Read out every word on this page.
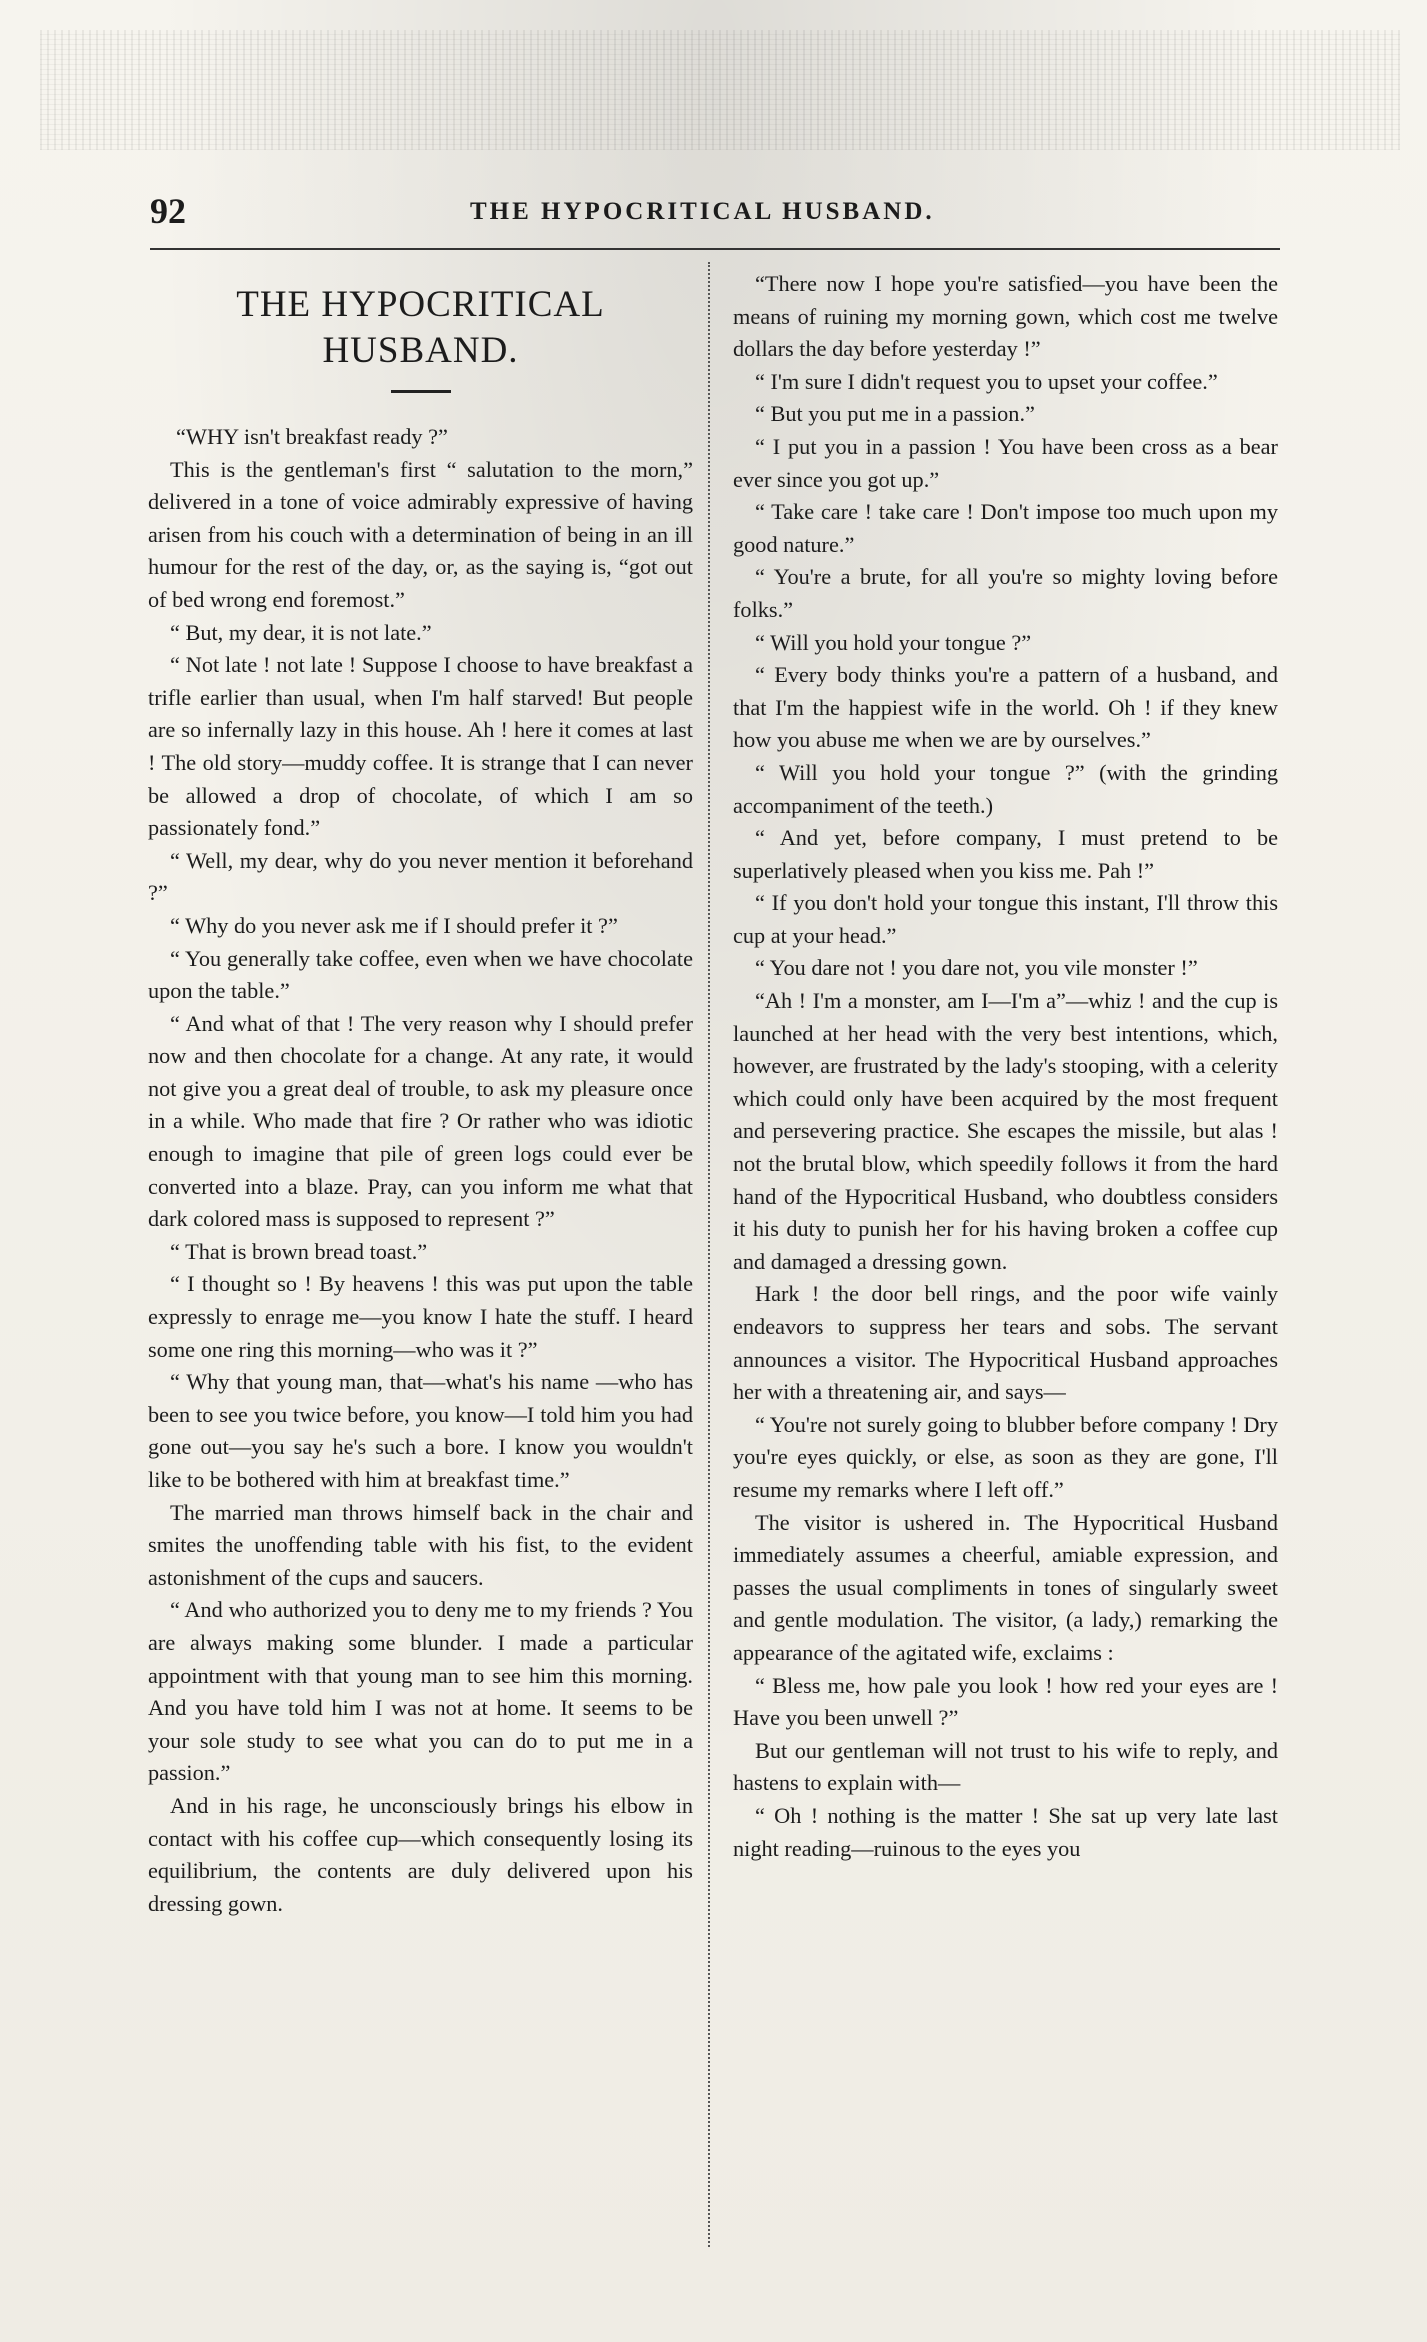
92	THE HYPOCRITICAL HUSBAND.
THE HYPOCRITICAL HUSBAND.

“WHY isn't breakfast ready ?”

This is the gentleman's first “ salutation to the morn,” delivered in a tone of voice admirably expressive of having arisen from his couch with a determination of being in an ill humour for the rest of the day, or, as the saying is, “got out of bed wrong end foremost.”

“ But, my dear, it is not late.”

“ Not late ! not late ! Suppose I choose to have breakfast a trifle earlier than usual, when I'm half starved! But people are so infernally lazy in this house. Ah ! here it comes at last ! The old story—muddy coffee. It is strange that I can never be allowed a drop of chocolate, of which I am so passionately fond.”

“ Well, my dear, why do you never mention it beforehand ?”

“ Why do you never ask me if I should prefer it ?”

“ You generally take coffee, even when we have chocolate upon the table.”

“ And what of that ! The very reason why I should prefer now and then chocolate for a change. At any rate, it would not give you a great deal of trouble, to ask my pleasure once in a while. Who made that fire ? Or rather who was idiotic enough to imagine that pile of green logs could ever be converted into a blaze. Pray, can you inform me what that dark colored mass is supposed to represent ?”

“ That is brown bread toast.”

“ I thought so ! By heavens ! this was put upon the table expressly to enrage me—you know I hate the stuff. I heard some one ring this morning—who was it ?”

“ Why that young man, that—what's his name —who has been to see you twice before, you know—I told him you had gone out—you say he's such a bore. I know you wouldn't like to be bothered with him at breakfast time.”

The married man throws himself back in the chair and smites the unoffending table with his fist, to the evident astonishment of the cups and saucers.

“ And who authorized you to deny me to my friends ? You are always making some blunder. I made a particular appointment with that young man to see him this morning. And you have told him I was not at home. It seems to be your sole study to see what you can do to put me in a passion.”

And in his rage, he unconsciously brings his elbow in contact with his coffee cup—which consequently losing its equilibrium, the contents are duly delivered upon his dressing gown.

“There now I hope you're satisfied—you have been the means of ruining my morning gown, which cost me twelve dollars the day before yesterday !”

“ I'm sure I didn't request you to upset your coffee.”

“ But you put me in a passion.”

“ I put you in a passion ! You have been cross as a bear ever since you got up.”

“ Take care ! take care ! Don't impose too much upon my good nature.”

“ You're a brute, for all you're so mighty loving before folks.”

“ Will you hold your tongue ?”

“ Every body thinks you're a pattern of a husband, and that I'm the happiest wife in the world. Oh ! if they knew how you abuse me when we are by ourselves.”

“ Will you hold your tongue ?” (with the grinding accompaniment of the teeth.)

“ And yet, before company, I must pretend to be superlatively pleased when you kiss me. Pah !”

“ If you don't hold your tongue this instant, I'll throw this cup at your head.”

“ You dare not ! you dare not, you vile monster !”

“Ah ! I'm a monster, am I—I'm a”—whiz ! and the cup is launched at her head with the very best intentions, which, however, are frustrated by the lady's stooping, with a celerity which could only have been acquired by the most frequent and persevering practice. She escapes the missile, but alas ! not the brutal blow, which speedily follows it from the hard hand of the Hypocritical Husband, who doubtless considers it his duty to punish her for his having broken a coffee cup and damaged a dressing gown.

Hark ! the door bell rings, and the poor wife vainly endeavors to suppress her tears and sobs. The servant announces a visitor. The Hypocritical Husband approaches her with a threatening air, and says—

“ You're not surely going to blubber before company ! Dry you're eyes quickly, or else, as soon as they are gone, I'll resume my remarks where I left off.”

The visitor is ushered in. The Hypocritical Husband immediately assumes a cheerful, amiable expression, and passes the usual compliments in tones of singularly sweet and gentle modulation. The visitor, (a lady,) remarking the appearance of the agitated wife, exclaims :

“ Bless me, how pale you look ! how red your eyes are ! Have you been unwell ?”

But our gentleman will not trust to his wife to reply, and hastens to explain with—

“ Oh ! nothing is the matter ! She sat up very late last night reading—ruinous to the eyes you
